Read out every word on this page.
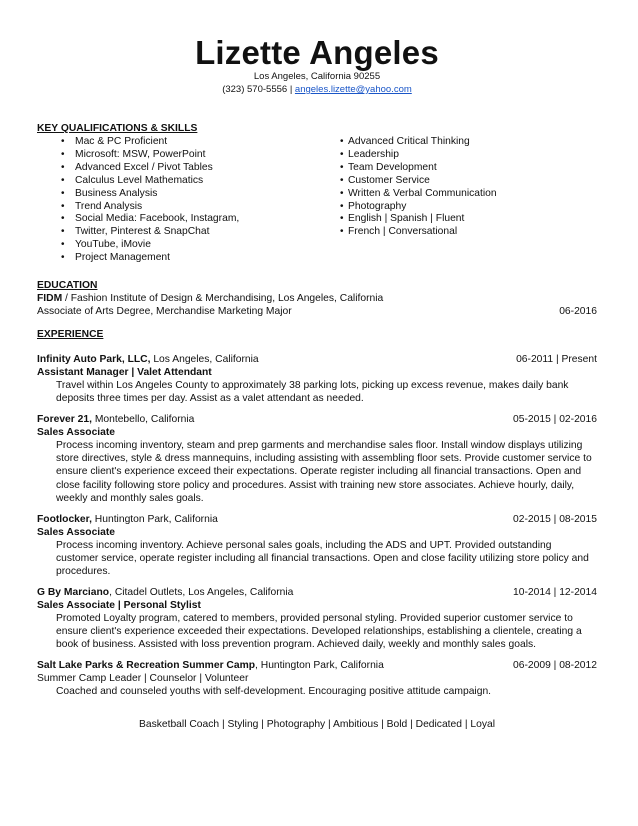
Lizette Angeles
Los Angeles, California 90255
(323) 570-5556 | angeles.lizette@yahoo.com
KEY QUALIFICATIONS & SKILLS
• Mac & PC Proficient
• Microsoft: MSW, PowerPoint
• Advanced Excel / Pivot Tables
• Calculus Level Mathematics
• Business Analysis
• Trend Analysis
• Social Media: Facebook, Instagram,
• Twitter, Pinterest & SnapChat
• YouTube, iMovie
• Project Management
• Advanced Critical Thinking
• Leadership
• Team Development
• Customer Service
• Written & Verbal Communication
• Photography
• English | Spanish | Fluent
• French | Conversational
EDUCATION
FIDM / Fashion Institute of Design & Merchandising, Los Angeles, California
Associate of Arts Degree, Merchandise Marketing Major	06-2016
EXPERIENCE
Infinity Auto Park, LLC, Los Angeles, California	06-2011 | Present
Assistant Manager | Valet Attendant
Travel within Los Angeles County to approximately 38 parking lots, picking up excess revenue, makes daily bank
deposits three times per day. Assist as a valet attendant as needed.
Forever 21, Montebello, California	05-2015 | 02-2016
Sales Associate
Process incoming inventory, steam and prep garments and merchandise sales floor. Install window displays utilizing
store directives, style & dress mannequins, including assisting with assembling floor sets. Provide customer service to
ensure client's experience exceed their expectations. Operate register including all financial transactions. Open and
close facility following store policy and procedures. Assist with training new store associates. Achieve hourly, daily,
weekly and monthly sales goals.
Footlocker, Huntington Park, California	02-2015 | 08-2015
Sales Associate
Process incoming inventory. Achieve personal sales goals, including the ADS and UPT. Provided outstanding
customer service, operate register including all financial transactions. Open and close facility utilizing store policy and
procedures.
G By Marciano, Citadel Outlets, Los Angeles, California	10-2014 | 12-2014
Sales Associate | Personal Stylist
Promoted Loyalty program, catered to members, provided personal styling. Provided superior customer service to
ensure client's experience exceeded their expectations. Developed relationships, establishing a clientele, creating a
book of business. Assisted with loss prevention program. Achieved daily, weekly and monthly sales goals.
Salt Lake Parks & Recreation Summer Camp, Huntington Park, California	06-2009 | 08-2012
Summer Camp Leader | Counselor | Volunteer
Coached and counseled youths with self-development. Encouraging positive attitude campaign.
Basketball Coach | Styling | Photography | Ambitious | Bold | Dedicated | Loyal
